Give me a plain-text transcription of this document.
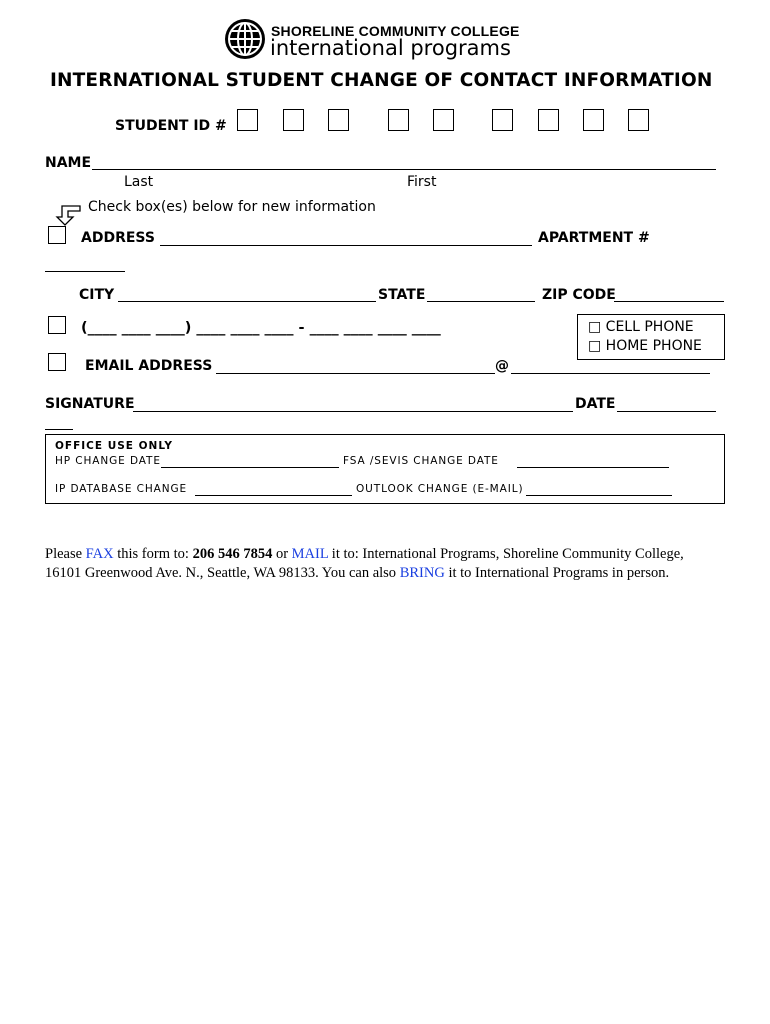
SHORELINE COMMUNITY COLLEGE
international programs
INTERNATIONAL STUDENT CHANGE OF CONTACT INFORMATION
STUDENT ID #
NAME
Last	First
Check box(es) below for new information
ADDRESS	APARTMENT #
CITY	STATE	ZIP CODE
(____ ____ ____) ____ ____ ____ - ____ ____ ____ ____	□ CELL PHONE
□ HOME PHONE
EMAIL ADDRESS	@
SIGNATURE	DATE
OFFICE USE ONLY
HP CHANGE DATE	FSA /SEVIS CHANGE DATE
IP DATABASE CHANGE	OUTLOOK CHANGE (E-MAIL)
Please FAX this form to: 206 546 7854 or MAIL it to: International Programs, Shoreline Community College,
16101 Greenwood Ave. N., Seattle, WA 98133. You can also BRING it to International Programs in person.
